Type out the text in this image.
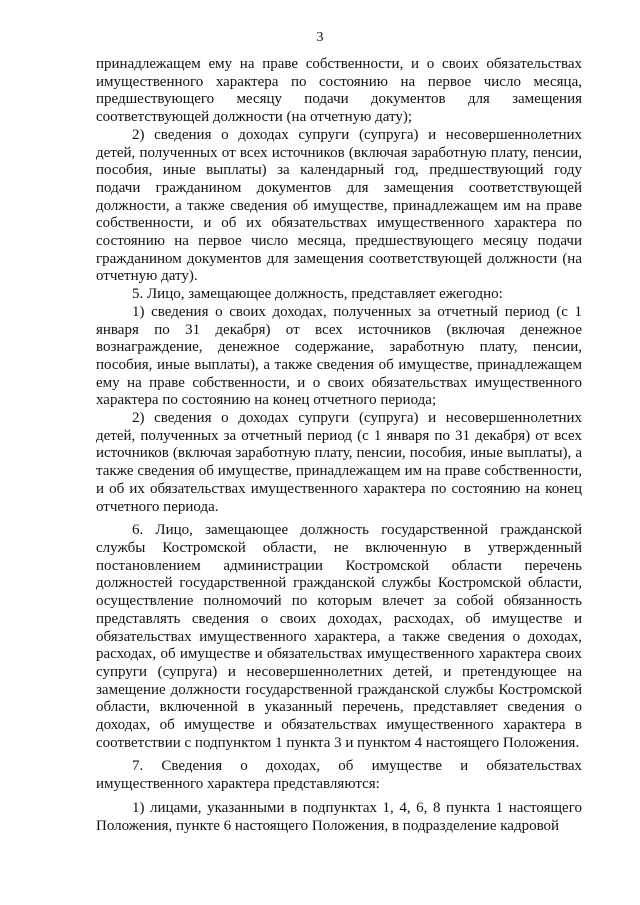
3

принадлежащем ему на праве собственности, и о своих обязательствах имущественного характера по состоянию на первое число месяца, предшествующего месяцу подачи документов для замещения соответствующей должности (на отчетную дату);

2) сведения о доходах супруги (супруга) и несовершеннолетних детей, полученных от всех источников (включая заработную плату, пенсии, пособия, иные выплаты) за календарный год, предшествующий году подачи гражданином документов для замещения соответствующей должности, а также сведения об имуществе, принадлежащем им на праве собственности, и об их обязательствах имущественного характера по состоянию на первое число месяца, предшествующего месяцу подачи гражданином документов для замещения соответствующей должности (на отчетную дату).

5. Лицо, замещающее должность, представляет ежегодно:

1) сведения о своих доходах, полученных за отчетный период (с 1 января по 31 декабря) от всех источников (включая денежное вознаграждение, денежное содержание, заработную плату, пенсии, пособия, иные выплаты), а также сведения об имуществе, принадлежащем ему на праве собственности, и о своих обязательствах имущественного характера по состоянию на конец отчетного периода;

2) сведения о доходах супруги (супруга) и несовершеннолетних детей, полученных за отчетный период (с 1 января по 31 декабря) от всех источников (включая заработную плату, пенсии, пособия, иные выплаты), а также сведения об имуществе, принадлежащем им на праве собственности, и об их обязательствах имущественного характера по состоянию на конец отчетного периода.

6. Лицо, замещающее должность государственной гражданской службы Костромской области, не включенную в утвержденный постановлением администрации Костромской области перечень должностей государственной гражданской службы Костромской области, осуществление полномочий по которым влечет за собой обязанность представлять сведения о своих доходах, расходах, об имуществе и обязательствах имущественного характера, а также сведения о доходах, расходах, об имуществе и обязательствах имущественного характера своих супруги (супруга) и несовершеннолетних детей, и претендующее на замещение должности государственной гражданской службы Костромской области, включенной в указанный перечень, представляет сведения о доходах, об имуществе и обязательствах имущественного характера в соответствии с подпунктом 1 пункта 3 и пунктом 4 настоящего Положения.

7. Сведения о доходах, об имуществе и обязательствах имущественного характера представляются:

1) лицами, указанными в подпунктах 1, 4, 6, 8 пункта 1 настоящего Положения, пункте 6 настоящего Положения, в подразделение кадровой
